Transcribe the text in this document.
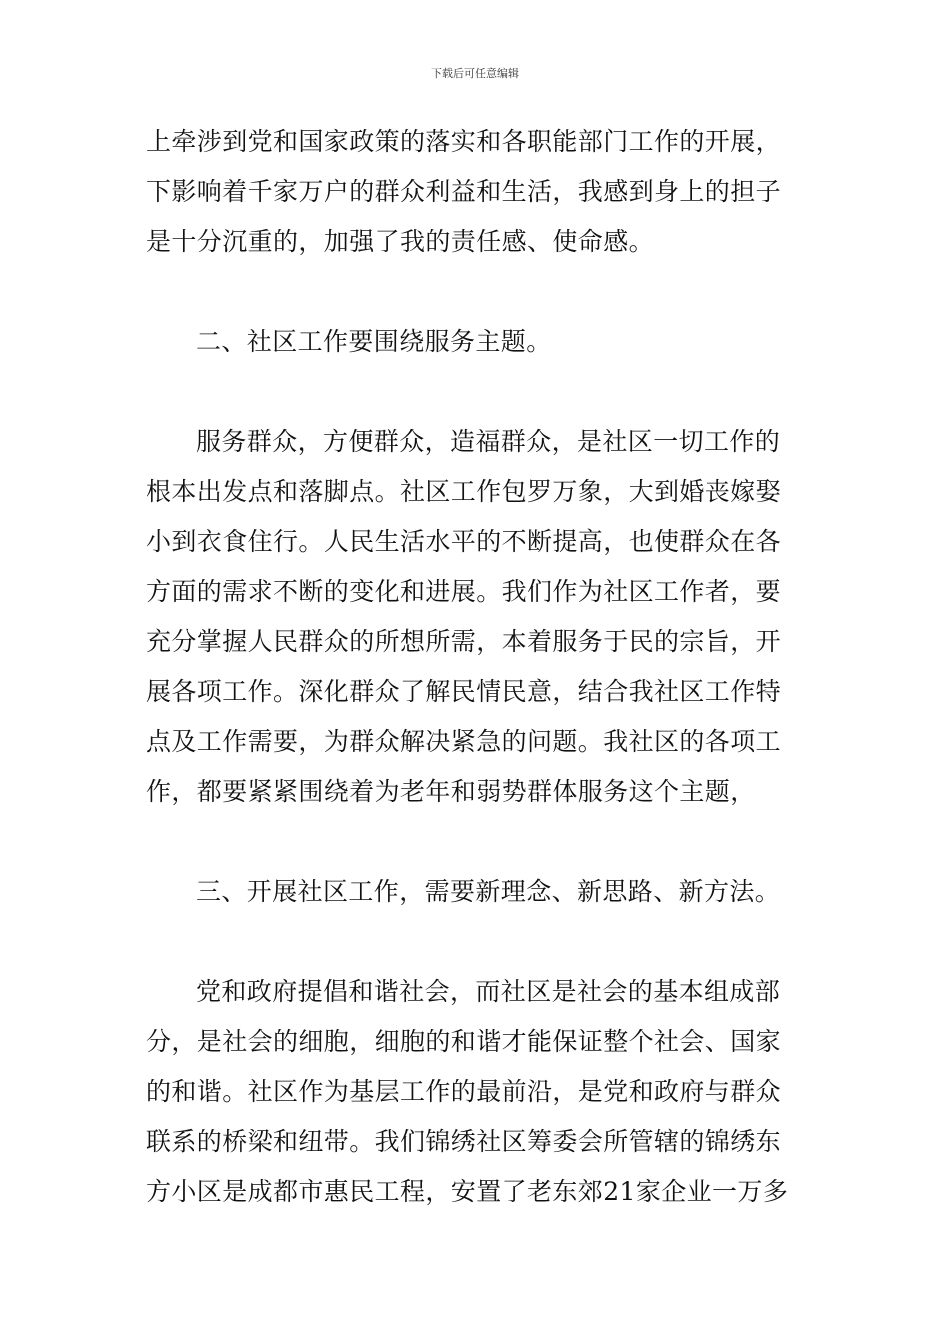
下载后可任意编辑
上牵涉到党和国家政策的落实和各职能部门工作的开展，
下影响着千家万户的群众利益和生活，我感到身上的担子
是十分沉重的，加强了我的责任感、使命感。
二、社区工作要围绕服务主题。
服务群众，方便群众，造福群众，是社区一切工作的
根本出发点和落脚点。社区工作包罗万象，大到婚丧嫁娶
小到衣食住行。人民生活水平的不断提高，也使群众在各
方面的需求不断的变化和进展。我们作为社区工作者，要
充分掌握人民群众的所想所需，本着服务于民的宗旨，开
展各项工作。深化群众了解民情民意，结合我社区工作特
点及工作需要，为群众解决紧急的问题。我社区的各项工
作，都要紧紧围绕着为老年和弱势群体服务这个主题，
三、开展社区工作，需要新理念、新思路、新方法。
党和政府提倡和谐社会，而社区是社会的基本组成部
分，是社会的细胞，细胞的和谐才能保证整个社会、国家
的和谐。社区作为基层工作的最前沿，是党和政府与群众
联系的桥梁和纽带。我们锦绣社区筹委会所管辖的锦绣东
方小区是成都市惠民工程，安置了老东郊21家企业一万多
